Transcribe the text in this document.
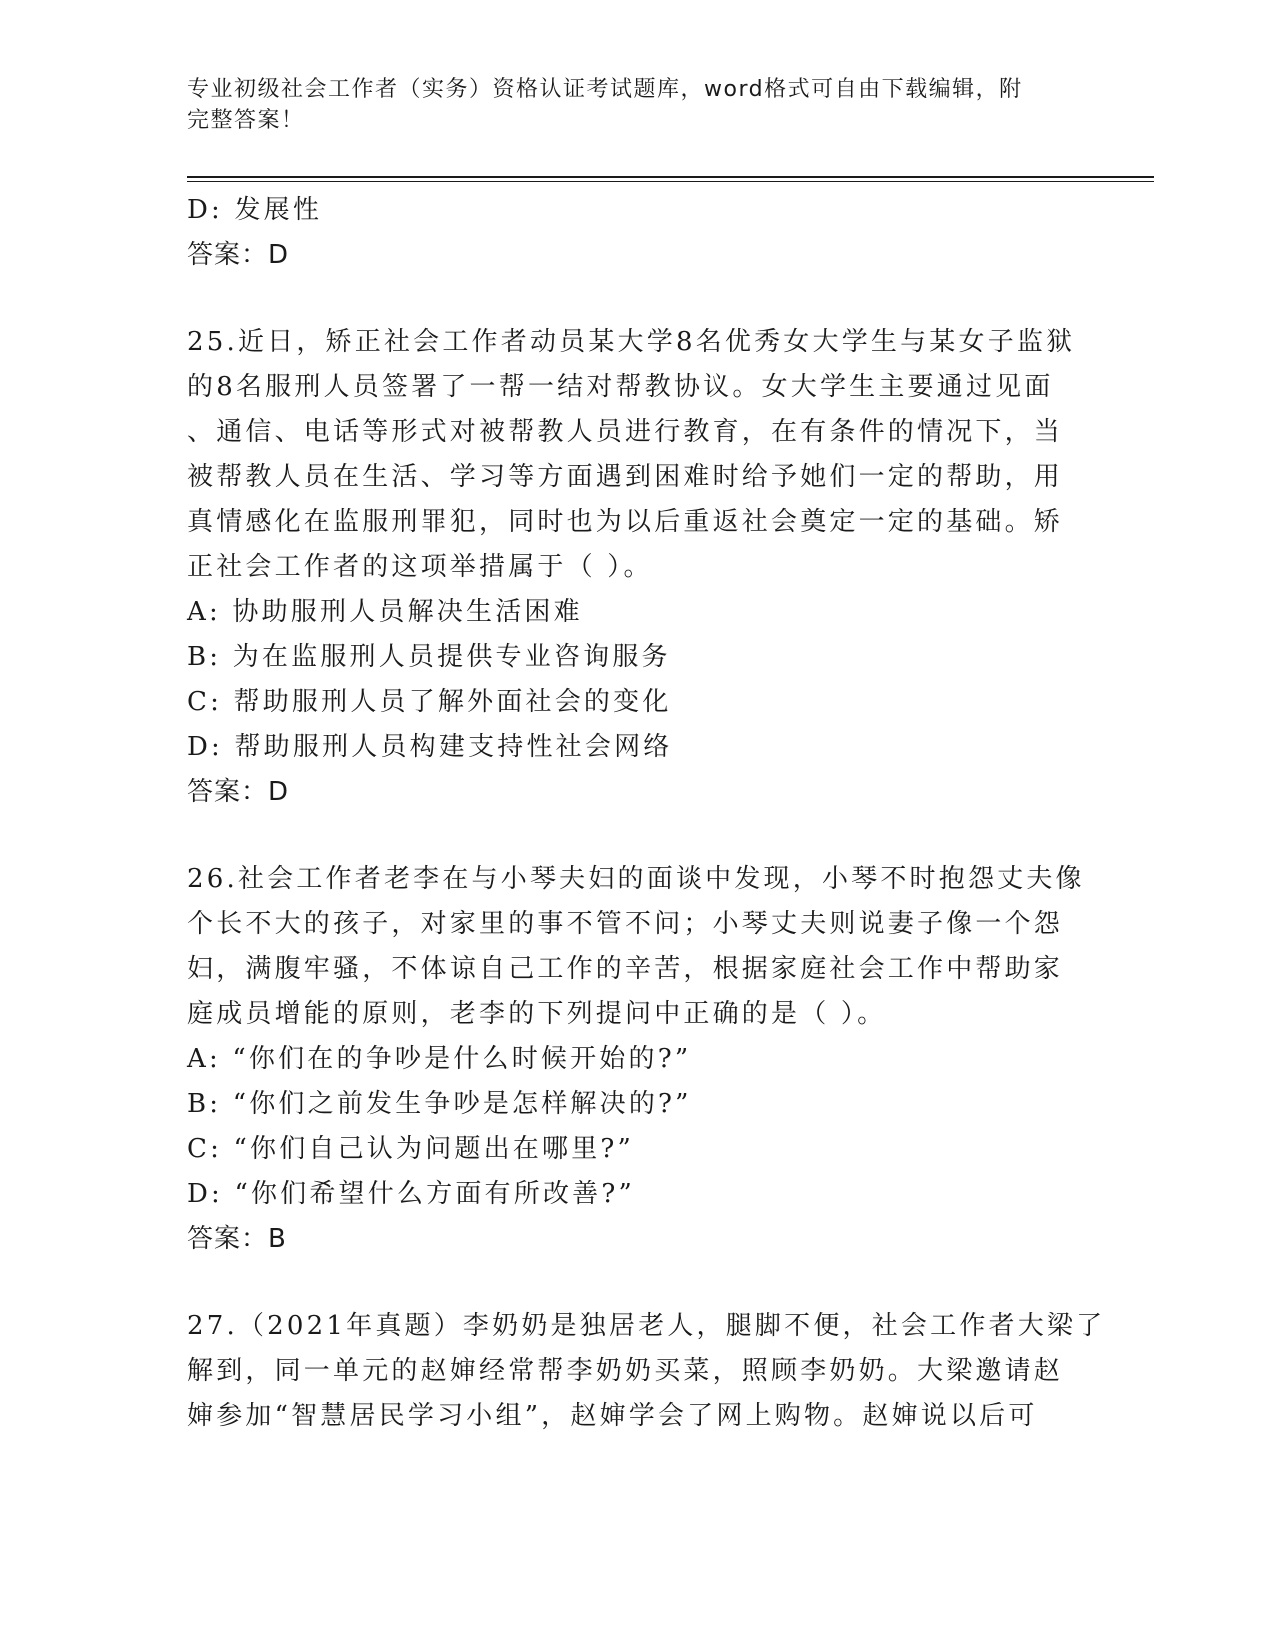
专业初级社会工作者（实务）资格认证考试题库，word格式可自由下载编辑，附
完整答案！
D: 发展性
答案：D
25.近日，矫正社会工作者动员某大学8名优秀女大学生与某女子监狱
的8名服刑人员签署了一帮一结对帮教协议。女大学生主要通过见面
、通信、电话等形式对被帮教人员进行教育，在有条件的情况下，当
被帮教人员在生活、学习等方面遇到困难时给予她们一定的帮助，用
真情感化在监服刑罪犯，同时也为以后重返社会奠定一定的基础。矫
正社会工作者的这项举措属于（ ）。
A: 协助服刑人员解决生活困难
B: 为在监服刑人员提供专业咨询服务
C: 帮助服刑人员了解外面社会的变化
D: 帮助服刑人员构建支持性社会网络
答案：D
26.社会工作者老李在与小琴夫妇的面谈中发现，小琴不时抱怨丈夫像
个长不大的孩子，对家里的事不管不问；小琴丈夫则说妻子像一个怨
妇，满腹牢骚，不体谅自己工作的辛苦，根据家庭社会工作中帮助家
庭成员增能的原则，老李的下列提问中正确的是（ ）。
A: “你们在的争吵是什么时候开始的?”
B: “你们之前发生争吵是怎样解决的?”
C: “你们自己认为问题出在哪里?”
D: “你们希望什么方面有所改善?”
答案：B
27.（2021年真题）李奶奶是独居老人，腿脚不便，社会工作者大梁了
解到，同一单元的赵婶经常帮李奶奶买菜，照顾李奶奶。大梁邀请赵
婶参加“智慧居民学习小组”，赵婶学会了网上购物。赵婶说以后可
